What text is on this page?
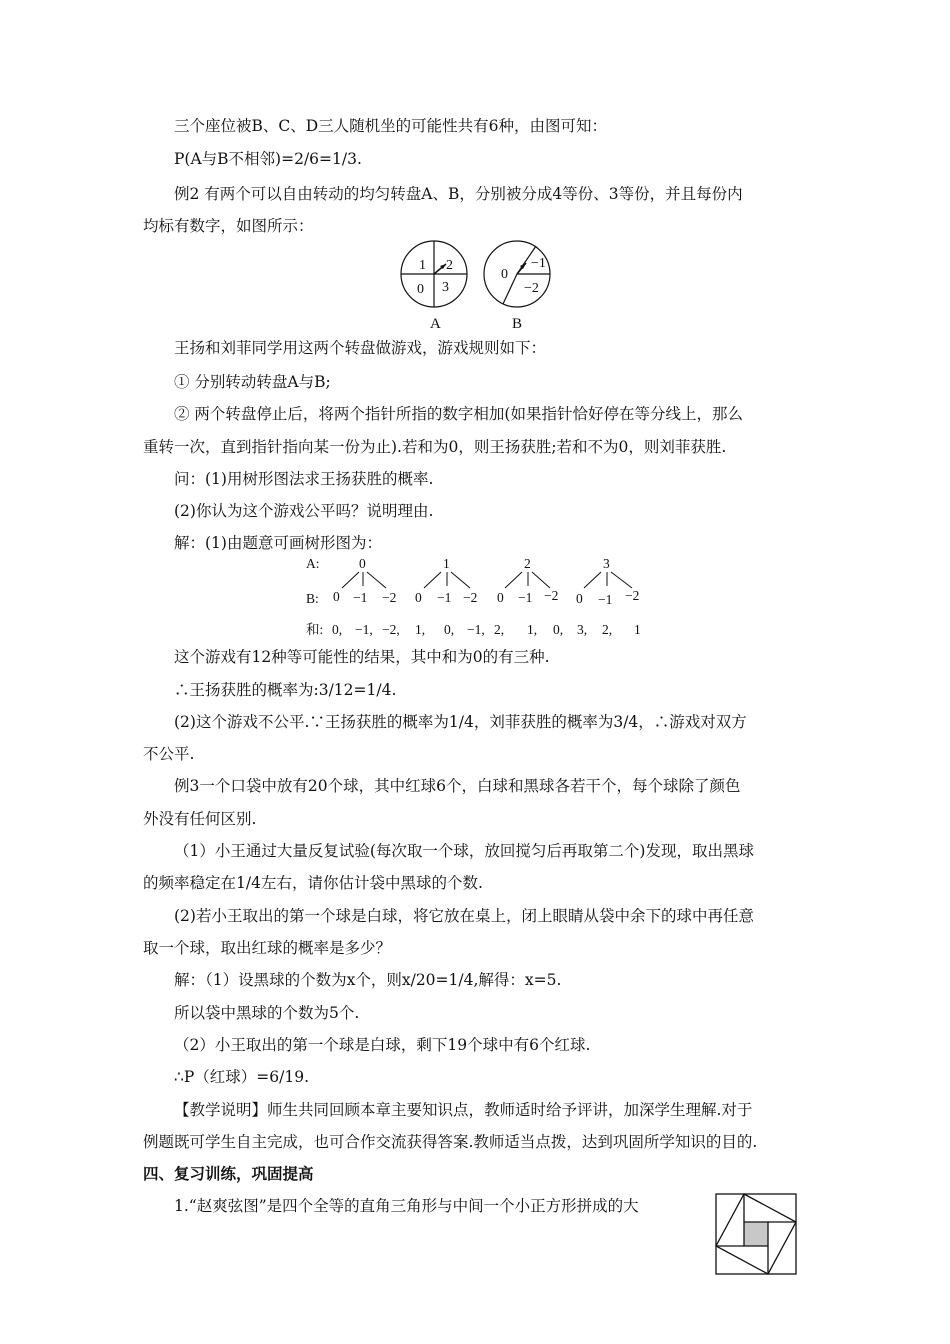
三个座位被B、C、D三人随机坐的可能性共有6种，由图可知：
P(A与B不相邻)=2/6=1/3.
例2 有两个可以自由转动的均匀转盘A、B，分别被分成4等份、3等份，并且每份内
均标有数字，如图所示：
1 2
0 3
A
0
−1
−2
B
王扬和刘菲同学用这两个转盘做游戏，游戏规则如下：
① 分别转动转盘A与B;
② 两个转盘停止后，将两个指针所指的数字相加(如果指针恰好停在等分线上，那么
重转一次，直到指针指向某一份为止).若和为0，则王扬获胜;若和不为0，则刘菲获胜.
问：(1)用树形图法求王扬获胜的概率.
(2)你认为这个游戏公平吗？说明理由.
解：(1)由题意可画树形图为：
A:
B:
和:
0
0 −1 −2
1
0 −1 −2
2
0 −1 −2
3
0 −1 −2
0, −1, −2, 1, 0, −1, 2, 1, 0, 3, 2, 1
这个游戏有12种等可能性的结果，其中和为0的有三种.
∴王扬获胜的概率为:3/12=1/4.
(2)这个游戏不公平.∵王扬获胜的概率为1/4，刘菲获胜的概率为3/4，∴游戏对双方
不公平.
例3一个口袋中放有20个球，其中红球6个，白球和黑球各若干个，每个球除了颜色
外没有任何区别.
（1）小王通过大量反复试验(每次取一个球，放回搅匀后再取第二个)发现，取出黑球
的频率稳定在1/4左右，请你估计袋中黑球的个数.
(2)若小王取出的第一个球是白球，将它放在桌上，闭上眼睛从袋中余下的球中再任意
取一个球，取出红球的概率是多少？
解：（1）设黑球的个数为x个，则x/20=1/4,解得：x=5.
所以袋中黑球的个数为5个.
（2）小王取出的第一个球是白球，剩下19个球中有6个红球.
∴P（红球）=6/19.
【教学说明】师生共同回顾本章主要知识点，教师适时给予评讲，加深学生理解.对于
例题既可学生自主完成，也可合作交流获得答案.教师适当点拨，达到巩固所学知识的目的.
四、复习训练，巩固提高
1.“赵爽弦图”是四个全等的直角三角形与中间一个小正方形拼成的大
